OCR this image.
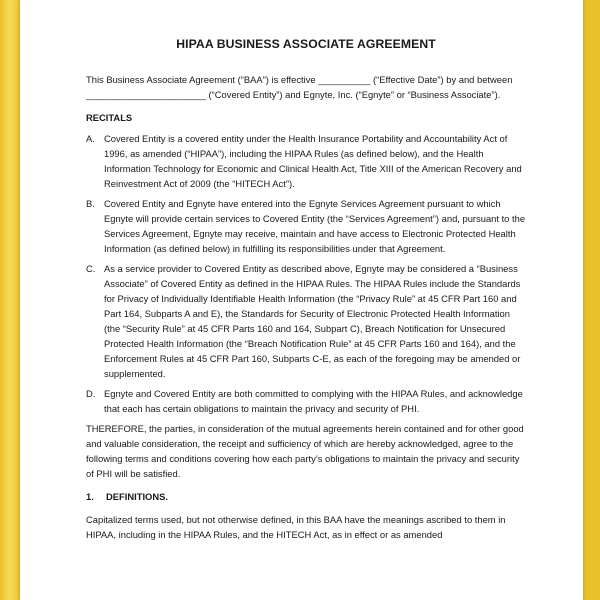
HIPAA BUSINESS ASSOCIATE AGREEMENT

This Business Associate Agreement (“BAA”) is effective __________ (“Effective Date”) by and between _______________________ (“Covered Entity”) and Egnyte, Inc. (“Egnyte” or “Business Associate”).

RECITALS

A. Covered Entity is a covered entity under the Health Insurance Portability and Accountability Act of 1996, as amended (“HIPAA”), including the HIPAA Rules (as defined below), and the Health Information Technology for Economic and Clinical Health Act, Title XIII of the American Recovery and Reinvestment Act of 2009 (the “HITECH Act”).
B. Covered Entity and Egnyte have entered into the Egnyte Services Agreement pursuant to which Egnyte will provide certain services to Covered Entity (the “Services Agreement”) and, pursuant to the Services Agreement, Egnyte may receive, maintain and have access to Electronic Protected Health Information (as defined below) in fulfilling its responsibilities under that Agreement.
C. As a service provider to Covered Entity as described above, Egnyte may be considered a “Business Associate” of Covered Entity as defined in the HIPAA Rules. The HIPAA Rules include the Standards for Privacy of Individually Identifiable Health Information (the “Privacy Rule” at 45 CFR Part 160 and Part 164, Subparts A and E), the Standards for Security of Electronic Protected Health Information (the “Security Rule” at 45 CFR Parts 160 and 164, Subpart C), Breach Notification for Unsecured Protected Health Information (the “Breach Notification Rule” at 45 CFR Parts 160 and 164), and the Enforcement Rules at 45 CFR Part 160, Subparts C-E, as each of the foregoing may be amended or supplemented.
D. Egnyte and Covered Entity are both committed to complying with the HIPAA Rules, and acknowledge that each has certain obligations to maintain the privacy and security of PHI.

THEREFORE, the parties, in consideration of the mutual agreements herein contained and for other good and valuable consideration, the receipt and sufficiency of which are hereby acknowledged, agree to the following terms and conditions covering how each party’s obligations to maintain the privacy and security of PHI will be satisfied.

1.	DEFINITIONS.

Capitalized terms used, but not otherwise defined, in this BAA have the meanings ascribed to them in HIPAA, including in the HIPAA Rules, and the HITECH Act, as in effect or as amended
